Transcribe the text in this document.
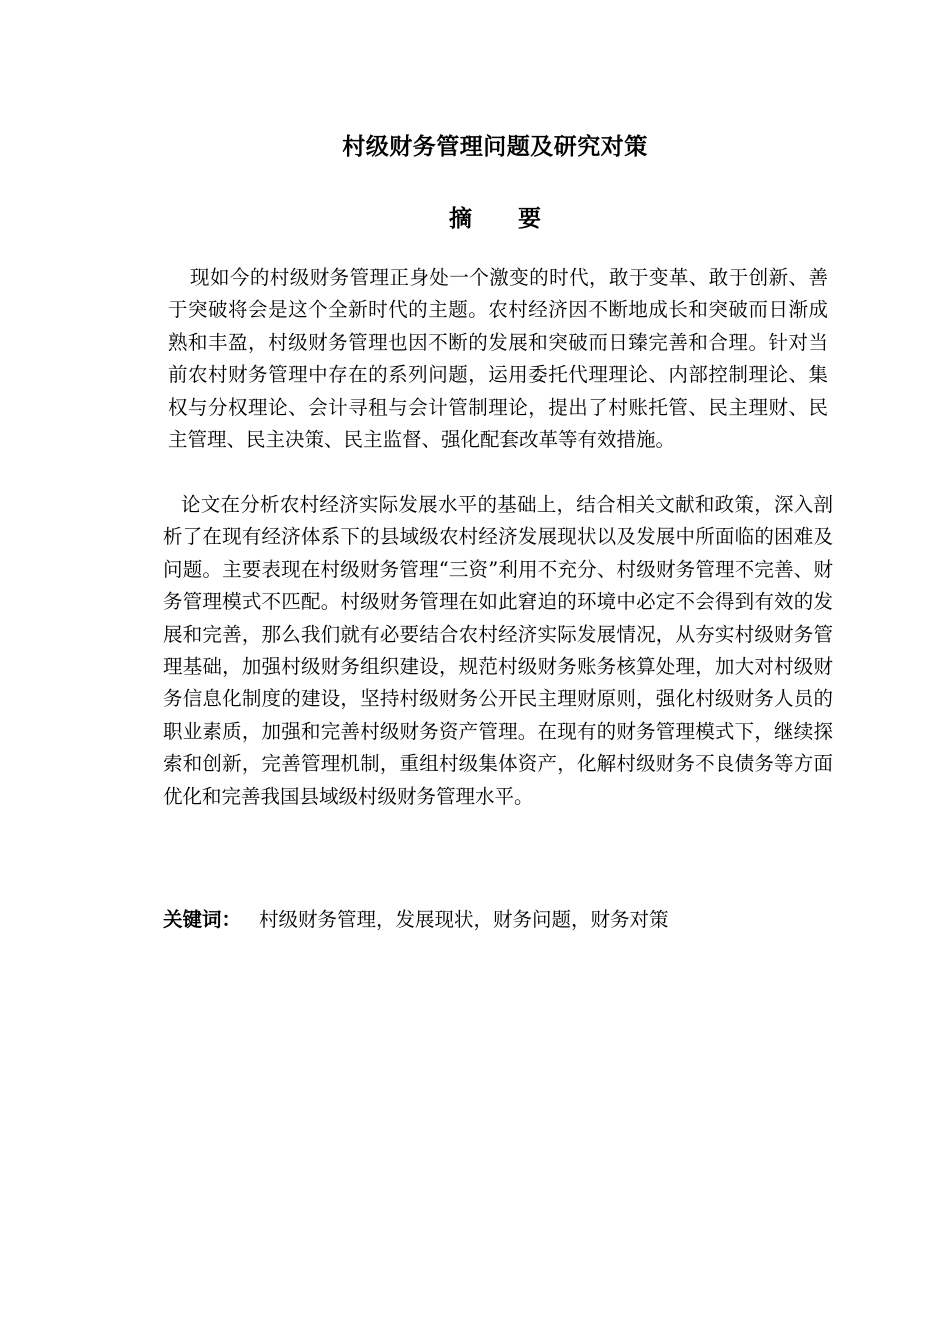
村级财务管理问题及研究对策
摘 要

现如今的村级财务管理正身处一个激变的时代，敢于变革、敢于创新、善于突破将会是这个全新时代的主题。农村经济因不断地成长和突破而日渐成熟和丰盈，村级财务管理也因不断的发展和突破而日臻完善和合理。针对当前农村财务管理中存在的系列问题，运用委托代理理论、内部控制理论、集权与分权理论、会计寻租与会计管制理论，提出了村账托管、民主理财、民主管理、民主决策、民主监督、强化配套改革等有效措施。

论文在分析农村经济实际发展水平的基础上，结合相关文献和政策，深入剖析了在现有经济体系下的县域级农村经济发展现状以及发展中所面临的困难及问题。主要表现在村级财务管理“三资”利用不充分、村级财务管理不完善、财务管理模式不匹配。村级财务管理在如此窘迫的环境中必定不会得到有效的发展和完善，那么我们就有必要结合农村经济实际发展情况，从夯实村级财务管理基础，加强村级财务组织建设，规范村级财务账务核算处理，加大对村级财务信息化制度的建设，坚持村级财务公开民主理财原则，强化村级财务人员的职业素质，加强和完善村级财务资产管理。在现有的财务管理模式下，继续探索和创新，完善管理机制，重组村级集体资产，化解村级财务不良债务等方面优化和完善我国县域级村级财务管理水平。

关键词： 村级财务管理，发展现状，财务问题，财务对策
